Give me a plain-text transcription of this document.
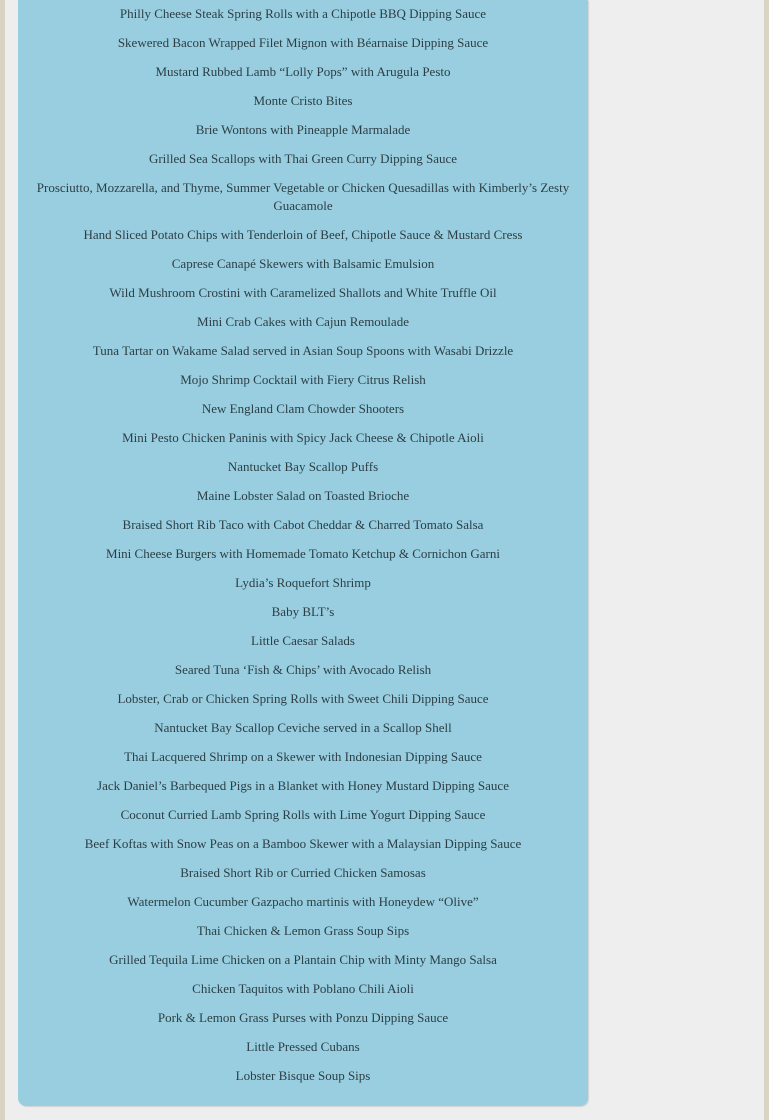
Philly Cheese Steak Spring Rolls with a Chipotle BBQ Dipping Sauce
Skewered Bacon Wrapped Filet Mignon with Béarnaise Dipping Sauce
Mustard Rubbed Lamb “Lolly Pops” with Arugula Pesto
Monte Cristo Bites
Brie Wontons with Pineapple Marmalade
Grilled Sea Scallops with Thai Green Curry Dipping Sauce
Prosciutto, Mozzarella, and Thyme, Summer Vegetable or Chicken Quesadillas with Kimberly’s Zesty Guacamole
Hand Sliced Potato Chips with Tenderloin of Beef, Chipotle Sauce & Mustard Cress
Caprese Canapé Skewers with Balsamic Emulsion
Wild Mushroom Crostini with Caramelized Shallots and White Truffle Oil
Mini Crab Cakes with Cajun Remoulade
Tuna Tartar on Wakame Salad served in Asian Soup Spoons with Wasabi Drizzle
Mojo Shrimp Cocktail with Fiery Citrus Relish
New England Clam Chowder Shooters
Mini Pesto Chicken Paninis with Spicy Jack Cheese & Chipotle Aioli
Nantucket Bay Scallop Puffs
Maine Lobster Salad on Toasted Brioche
Braised Short Rib Taco with Cabot Cheddar & Charred Tomato Salsa
Mini Cheese Burgers with Homemade Tomato Ketchup & Cornichon Garni
Lydia’s Roquefort Shrimp
Baby BLT’s
Little Caesar Salads
Seared Tuna ‘Fish & Chips’ with Avocado Relish
Lobster, Crab or Chicken Spring Rolls with Sweet Chili Dipping Sauce
Nantucket Bay Scallop Ceviche served in a Scallop Shell
Thai Lacquered Shrimp on a Skewer with Indonesian Dipping Sauce
Jack Daniel’s Barbequed Pigs in a Blanket with Honey Mustard Dipping Sauce
Coconut Curried Lamb Spring Rolls with Lime Yogurt Dipping Sauce
Beef Koftas with Snow Peas on a Bamboo Skewer with a Malaysian Dipping Sauce
Braised Short Rib or Curried Chicken Samosas
Watermelon Cucumber Gazpacho martinis with Honeydew “Olive”
Thai Chicken & Lemon Grass Soup Sips
Grilled Tequila Lime Chicken on a Plantain Chip with Minty Mango Salsa
Chicken Taquitos with Poblano Chili Aioli
Pork & Lemon Grass Purses with Ponzu Dipping Sauce
Little Pressed Cubans
Lobster Bisque Soup Sips
